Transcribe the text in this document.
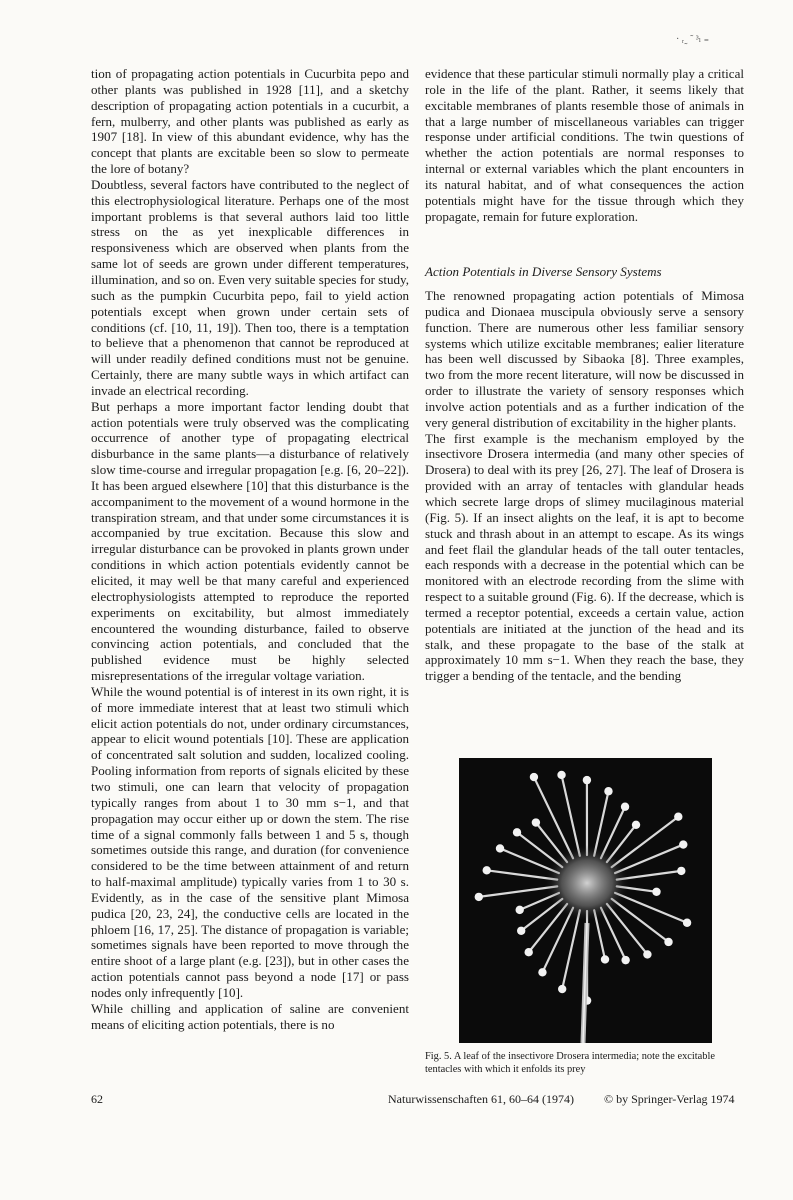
· ᵣ˷ ˜ ³ₗ ₌

tion of propagating action potentials in Cucurbita pepo and other plants was published in 1928 [11], and a sketchy description of propagating action potentials in a cucurbit, a fern, mulberry, and other plants was published as early as 1907 [18]. In view of this abundant evidence, why has the concept that plants are excitable been so slow to permeate the lore of botany?

Doubtless, several factors have contributed to the neglect of this electrophysiological literature. Perhaps one of the most important problems is that several authors laid too little stress on the as yet inexplicable differences in responsiveness which are observed when plants from the same lot of seeds are grown under different temperatures, illumination, and so on. Even very suitable species for study, such as the pumpkin Cucurbita pepo, fail to yield action potentials except when grown under certain sets of conditions (cf. [10, 11, 19]). Then too, there is a temptation to believe that a phenomenon that cannot be reproduced at will under readily defined conditions must not be genuine. Certainly, there are many subtle ways in which artifact can invade an electrical recording.

But perhaps a more important factor lending doubt that action potentials were truly observed was the complicating occurrence of another type of propagating electrical disburbance in the same plants—a disturbance of relatively slow time-course and irregular propagation [e.g. [6, 20–22]). It has been argued elsewhere [10] that this disturbance is the accompaniment to the movement of a wound hormone in the transpiration stream, and that under some circumstances it is accompanied by true excitation. Because this slow and irregular disturbance can be provoked in plants grown under conditions in which action potentials evidently cannot be elicited, it may well be that many careful and experienced electrophysiologists attempted to reproduce the reported experiments on excitability, but almost immediately encountered the wounding disturbance, failed to observe convincing action potentials, and concluded that the published evidence must be highly selected misrepresentations of the irregular voltage variation.

While the wound potential is of interest in its own right, it is of more immediate interest that at least two stimuli which elicit action potentials do not, under ordinary circumstances, appear to elicit wound potentials [10]. These are application of concentrated salt solution and sudden, localized cooling. Pooling information from reports of signals elicited by these two stimuli, one can learn that velocity of propagation typically ranges from about 1 to 30 mm s−1, and that propagation may occur either up or down the stem. The rise time of a signal commonly falls between 1 and 5 s, though sometimes outside this range, and duration (for convenience considered to be the time between attainment of and return to half-maximal amplitude) typically varies from 1 to 30 s. Evidently, as in the case of the sensitive plant Mimosa pudica [20, 23, 24], the conductive cells are located in the phloem [16, 17, 25]. The distance of propagation is variable; sometimes signals have been reported to move through the entire shoot of a large plant (e.g. [23]), but in other cases the action potentials cannot pass beyond a node [17] or pass nodes only infrequently [10].

While chilling and application of saline are convenient means of eliciting action potentials, there is no

evidence that these particular stimuli normally play a critical role in the life of the plant. Rather, it seems likely that excitable membranes of plants resemble those of animals in that a large number of miscellaneous variables can trigger response under artificial conditions. The twin questions of whether the action potentials are normal responses to internal or external variables which the plant encounters in its natural habitat, and of what consequences the action potentials might have for the tissue through which they propagate, remain for future exploration.

Action Potentials in Diverse Sensory Systems

The renowned propagating action potentials of Mimosa pudica and Dionaea muscipula obviously serve a sensory function. There are numerous other less familiar sensory systems which utilize excitable membranes; ealier literature has been well discussed by Sibaoka [8]. Three examples, two from the more recent literature, will now be discussed in order to illustrate the variety of sensory responses which involve action potentials and as a further indication of the very general distribution of excitability in the higher plants.

The first example is the mechanism employed by the insectivore Drosera intermedia (and many other species of Drosera) to deal with its prey [26, 27]. The leaf of Drosera is provided with an array of tentacles with glandular heads which secrete large drops of slimey mucilaginous material (Fig. 5). If an insect alights on the leaf, it is apt to become stuck and thrash about in an attempt to escape. As its wings and feet flail the glandular heads of the tall outer tentacles, each responds with a decrease in the potential which can be monitored with an electrode recording from the slime with respect to a suitable ground (Fig. 6). If the decrease, which is termed a receptor potential, exceeds a certain value, action potentials are initiated at the junction of the head and its stalk, and these propagate to the base of the stalk at approximately 10 mm s−1. When they reach the base, they trigger a bending of the tentacle, and the bending

Fig. 5. A leaf of the insectivore Drosera intermedia; note the excitable tentacles with which it enfolds its prey
62	Naturwissenschaften 61, 60–64 (1974)	© by Springer-Verlag 1974
